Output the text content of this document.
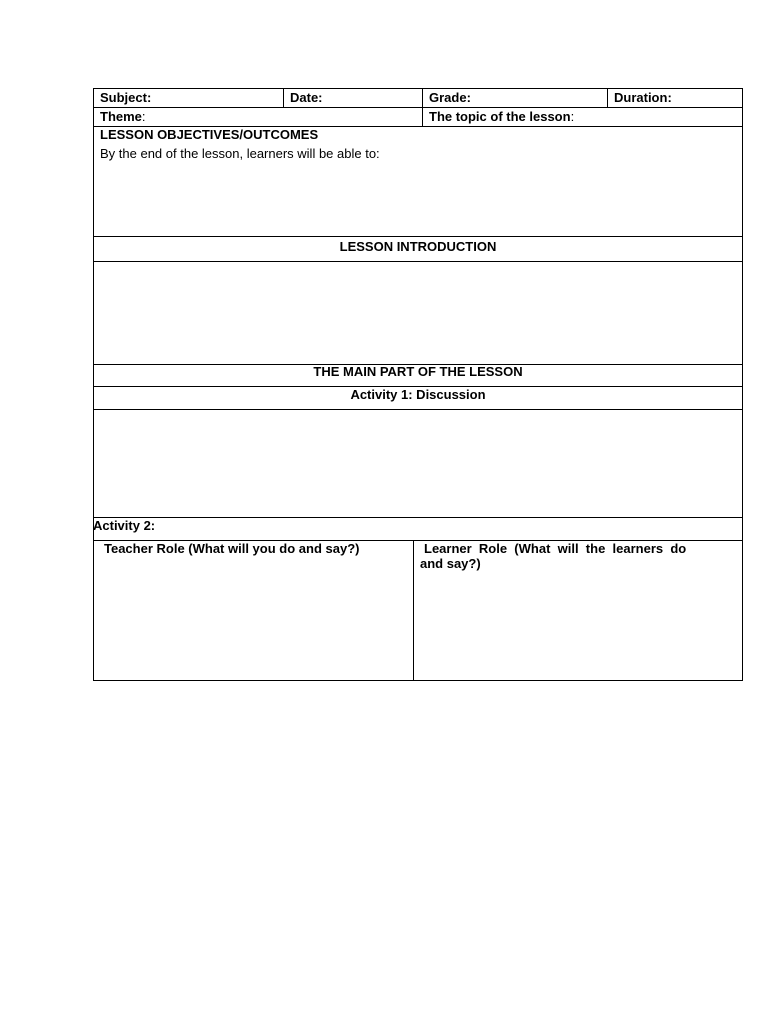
Subject:	Date:	Grade:	Duration:
Theme:	The topic of the lesson:
LESSON OBJECTIVES/OUTCOMES
By the end of the lesson, learners will be able to:
LESSON INTRODUCTION
THE MAIN PART OF THE LESSON
Activity 1: Discussion
Activity 2:
Teacher Role (What will you do and say?)	Learner  Role  (What  will  the  learners  do
and say?)
